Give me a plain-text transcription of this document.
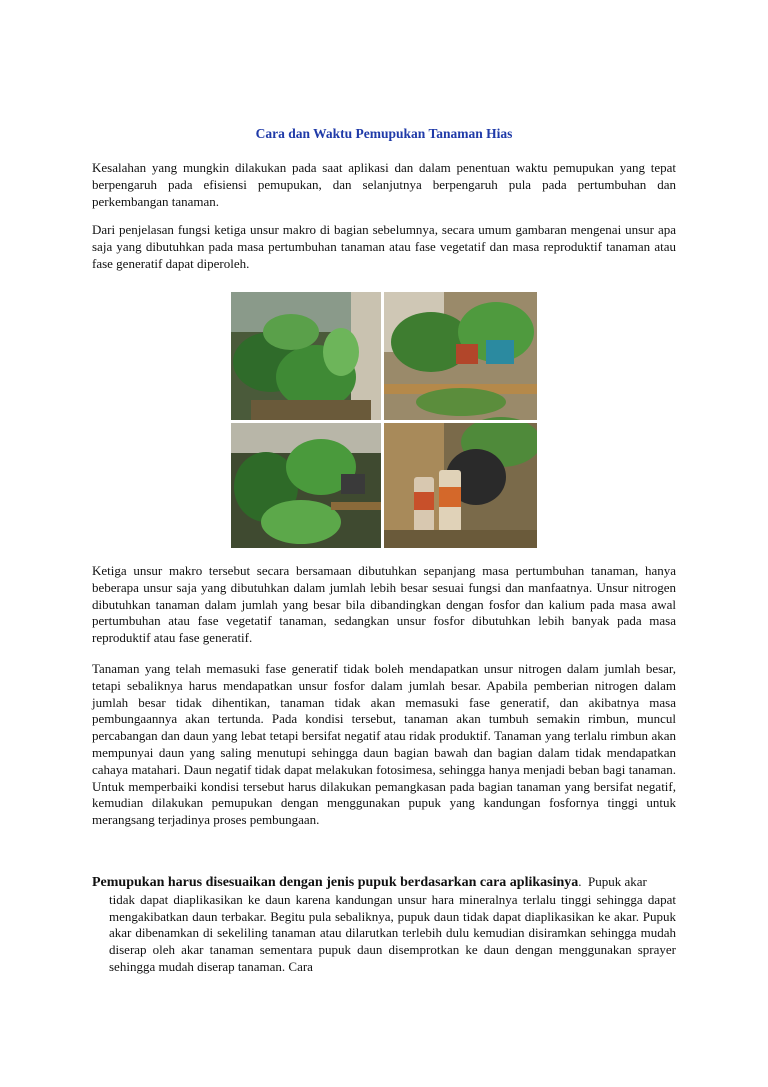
Cara dan Waktu Pemupukan Tanaman Hias

Kesalahan yang mungkin dilakukan pada saat aplikasi dan dalam penentuan waktu pemupukan yang tepat berpengaruh pada efisiensi pemupukan, dan selanjutnya berpengaruh pula pada pertumbuhan dan perkembangan tanaman.

Dari penjelasan fungsi ketiga unsur makro di bagian sebelumnya, secara umum gambaran mengenai unsur apa saja yang dibutuhkan pada masa pertumbuhan tanaman atau fase vegetatif dan masa reproduktif tanaman atau fase generatif dapat diperoleh.

Ketiga unsur makro tersebut secara bersamaan dibutuhkan sepanjang masa pertumbuhan tanaman, hanya beberapa unsur saja yang dibutuhkan dalam jumlah lebih besar sesuai fungsi dan manfaatnya. Unsur nitrogen dibutuhkan tanaman dalam jumlah yang besar bila dibandingkan dengan fosfor dan kalium pada masa awal pertumbuhan atau fase vegetatif tanaman, sedangkan unsur fosfor dibutuhkan lebih banyak pada masa reproduktif atau fase generatif.

Tanaman yang telah memasuki fase generatif tidak boleh mendapatkan unsur nitrogen dalam jumlah besar, tetapi sebaliknya harus mendapatkan unsur fosfor dalam jumlah besar. Apabila pemberian nitrogen dalam jumlah besar tidak dihentikan, tanaman tidak akan memasuki fase generatif, dan akibatnya masa pembungaannya akan tertunda. Pada kondisi tersebut, tanaman akan tumbuh semakin rimbun, muncul percabangan dan daun yang lebat tetapi bersifat negatif atau ridak produktif. Tanaman yang terlalu rimbun akan mempunyai daun yang saling menutupi sehingga daun bagian bawah dan bagian dalam tidak mendapatkan cahaya matahari. Daun negatif tidak dapat melakukan fotosimesa, sehingga hanya menjadi beban bagi tanaman. Untuk memperbaiki kondisi tersebut harus dilakukan pemangkasan pada bagian tanaman yang bersifat negatif, kemudian dilakukan pemupukan dengan menggunakan pupuk yang kandungan fosfornya tinggi untuk merangsang terjadinya proses pembungaan.

Pemupukan harus disesuaikan dengan jenis pupuk berdasarkan cara aplikasinya. Pupuk akar
tidak dapat diaplikasikan ke daun karena kandungan unsur hara mineralnya terlalu tinggi sehingga dapat mengakibatkan daun terbakar. Begitu pula sebaliknya, pupuk daun tidak dapat diaplikasikan ke akar. Pupuk akar dibenamkan di sekeliling tanaman atau dilarutkan terlebih dulu kemudian disiramkan sehingga mudah diserap oleh akar tanaman sementara pupuk daun disemprotkan ke daun dengan menggunakan sprayer sehingga mudah diserap tanaman. Cara
